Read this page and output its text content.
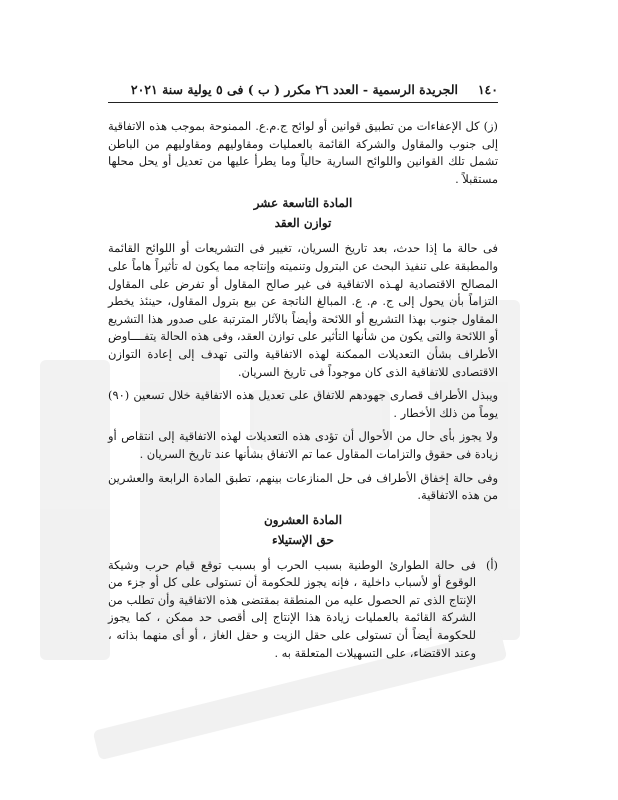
١٤٠
الجريدة الرسمية - العدد ٢٦ مكرر ( ب ) فى ٥ يولية سنة ٢٠٢١

(ز) كل الإعفاءات من تطبيق قوانين أو لوائح ج.م.ع. الممنوحة بموجب هذه الاتفاقية إلى جنوب والمقاول والشركة القائمة بالعمليات ومقاوليهم ومقاوليهم من الباطن تشمل تلك القوانين واللوائح السارية حالياً وما يطرأ عليها من تعديل أو يحل محلها مستقبلاً .

المادة التاسعة عشر
توازن العقد

فى حالة ما إذا حدث، بعد تاريخ السريان، تغيير فى التشريعات أو اللوائح القائمة والمطبقة على تنفيذ البحث عن البترول وتنميته وإنتاجه مما يكون له تأثيراً هاماً على المصالح الاقتصادية لهـذه الاتفاقية فى غير صالح المقاول أو تفرض على المقاول التزاماً بأن يحول إلى ج. م. ع. المبالغ الناتجة عن بيع بترول المقاول، حينئذ يخطر المقاول جنوب بهذا التشريع أو اللائحة وأيضاً بالآثار المترتبة على صدور هذا التشريع أو اللائحة والتى يكون من شأنها التأثير على توازن العقد، وفى هذه الحالة يتفــــاوض الأطراف بشأن التعديلات الممكنة لهذه الاتفاقية والتى تهدف إلى إعادة التوازن الاقتصادى للاتفاقية الذى كان موجوداً فى تاريخ السريان.

ويبذل الأطراف قصارى جهودهم للاتفاق على تعديل هذه الاتفاقية خلال تسعين (٩٠) يوماً من ذلك الأخطار .

ولا يجوز بأى حال من الأحوال أن تؤدى هذه التعديلات لهذه الاتفاقية إلى انتقاص أو زيادة فى حقوق والتزامات المقاول عما تم الاتفاق بشأنها عند تاريخ السريان .

وفى حالة إخفاق الأطراف فى حل المنازعات بينهم، تطبق المادة الرابعة والعشرين من هذه الاتفاقية.

المادة العشرون
حق الإستيلاء
(أ)

فى حالة الطوارئ الوطنية بسبب الحرب أو بسبب توقع قيام حرب وشيكة الوقوع أو لأسباب داخلية ، فإنه يجوز للحكومة أن تستولى على كل أو جزء من الإنتاج الذى تم الحصول عليه من المنطقة بمقتضى هذه الاتفاقية وأن تطلب من الشركة القائمة بالعمليات زيادة هذا الإنتاج إلى أقصى حد ممكن ، كما يجوز للحكومة أيضاً أن تستولى على حقل الزيت و حقل الغاز ، أو أى منهما بذاته ، وعند الاقتضاء، على التسهيلات المتعلقة به .
